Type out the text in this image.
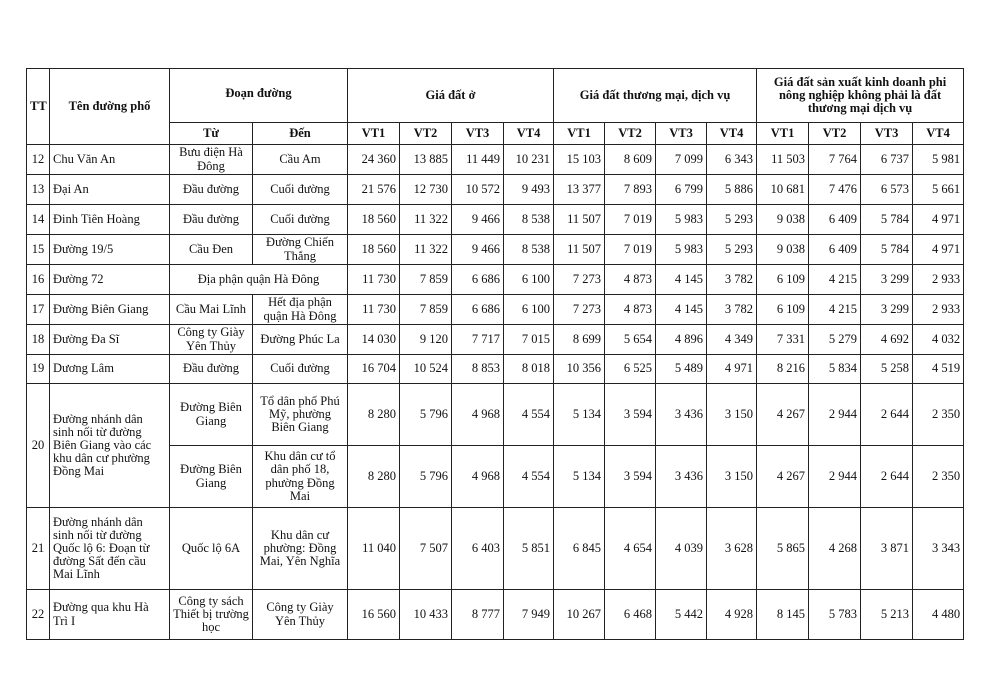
TT	Tên đường phố	Đoạn đường		Giá đất ở				Giá đất thương mại, dịch vụ				Giá đất sản xuất kinh doanh phi nông nghiệp không phải là đất thương mại dịch vụ			
		Từ	Đến	VT1	VT2	VT3	VT4	VT1	VT2	VT3	VT4	VT1	VT2	VT3	VT4
12	Chu Văn An	Bưu điện Hà Đông	Cầu Am	24 360	13 885	11 449	10 231	15 103	8 609	7 099	6 343	11 503	7 764	6 737	5 981
13	Đại An	Đầu đường	Cuối đường	21 576	12 730	10 572	9 493	13 377	7 893	6 799	5 886	10 681	7 476	6 573	5 661
14	Đinh Tiên Hoàng	Đầu đường	Cuối đường	18 560	11 322	9 466	8 538	11 507	7 019	5 983	5 293	9 038	6 409	5 784	4 971
15	Đường 19/5	Cầu Đen	Đường Chiến Thắng	18 560	11 322	9 466	8 538	11 507	7 019	5 983	5 293	9 038	6 409	5 784	4 971
16	Đường 72	Địa phận quận Hà Đông		11 730	7 859	6 686	6 100	7 273	4 873	4 145	3 782	6 109	4 215	3 299	2 933
17	Đường Biên Giang	Cầu Mai Lĩnh	Hết địa phận quận Hà Đông	11 730	7 859	6 686	6 100	7 273	4 873	4 145	3 782	6 109	4 215	3 299	2 933
18	Đường Đa Sĩ	Công ty Giày Yên Thủy	Đường Phúc La	14 030	9 120	7 717	7 015	8 699	5 654	4 896	4 349	7 331	5 279	4 692	4 032
19	Dương Lâm	Đầu đường	Cuối đường	16 704	10 524	8 853	8 018	10 356	6 525	5 489	4 971	8 216	5 834	5 258	4 519
20	Đường nhánh dân sinh nối từ đường Biên Giang vào các khu dân cư phường Đồng Mai	Đường Biên Giang	Tổ dân phố Phú Mỹ, phường Biên Giang	8 280	5 796	4 968	4 554	5 134	3 594	3 436	3 150	4 267	2 944	2 644	2 350
		Đường Biên Giang	Khu dân cư tổ dân phố 18, phường Đồng Mai	8 280	5 796	4 968	4 554	5 134	3 594	3 436	3 150	4 267	2 944	2 644	2 350
21	Đường nhánh dân sinh nối từ đường Quốc lộ 6: Đoạn từ đường Sất đến cầu Mai Lĩnh	Quốc lộ 6A	Khu dân cư phường: Đồng Mai, Yên Nghĩa	11 040	7 507	6 403	5 851	6 845	4 654	4 039	3 628	5 865	4 268	3 871	3 343
22	Đường qua khu Hà Trì I	Công ty sách Thiết bị trường học	Công ty Giày Yên Thủy	16 560	10 433	8 777	7 949	10 267	6 468	5 442	4 928	8 145	5 783	5 213	4 480
